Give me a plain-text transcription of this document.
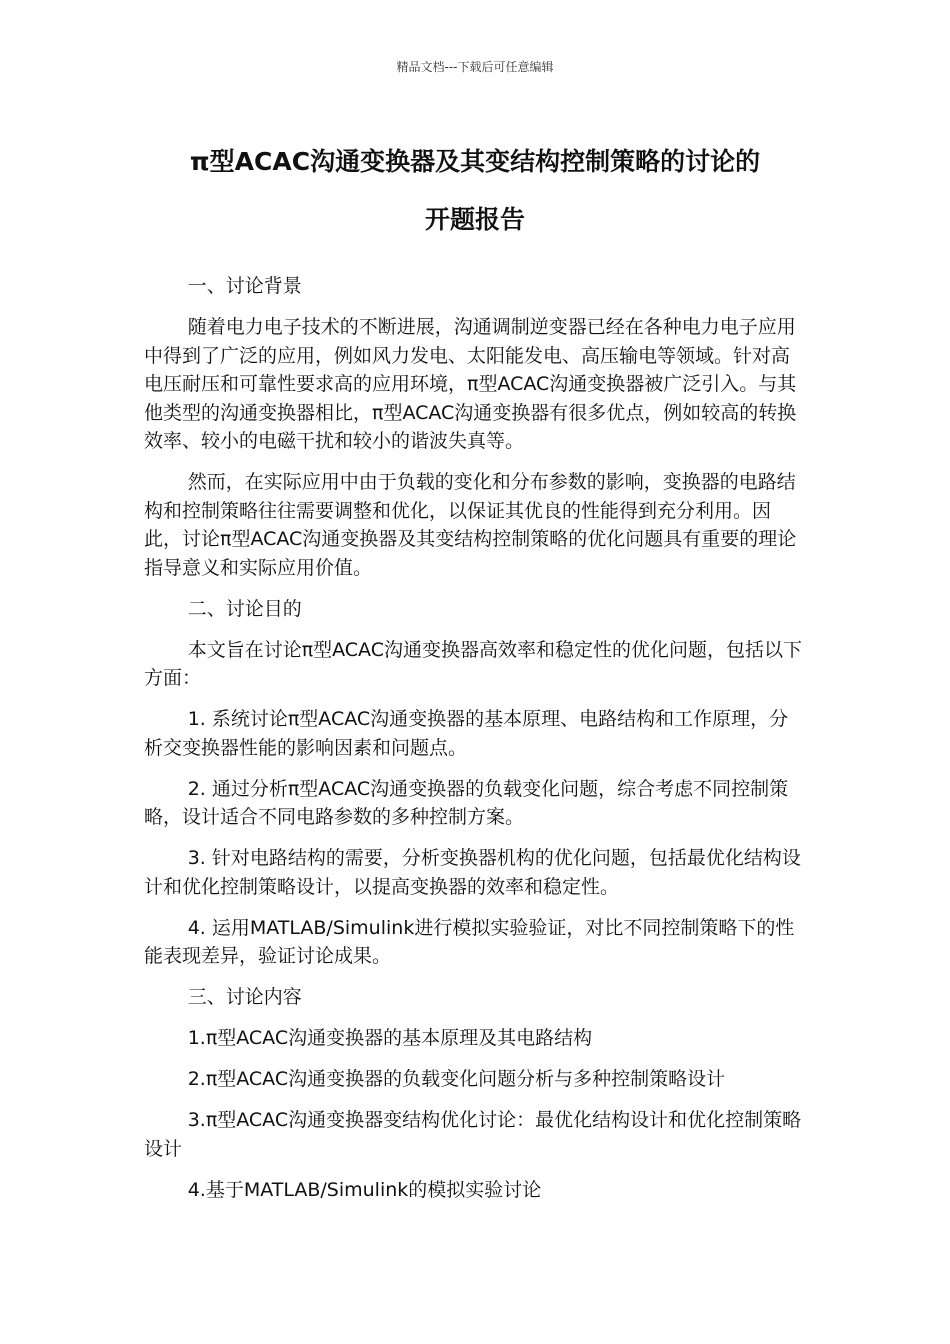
精品文档---下载后可任意编辑
π型ACAC沟通变换器及其变结构控制策略的讨论的
开题报告

一、讨论背景

随着电力电子技术的不断进展，沟通调制逆变器已经在各种电力电子应用中得到了广泛的应用，例如风力发电、太阳能发电、高压输电等领域。针对高电压耐压和可靠性要求高的应用环境，π型ACAC沟通变换器被广泛引入。与其他类型的沟通变换器相比，π型ACAC沟通变换器有很多优点，例如较高的转换效率、较小的电磁干扰和较小的谐波失真等。

然而，在实际应用中由于负载的变化和分布参数的影响，变换器的电路结构和控制策略往往需要调整和优化，以保证其优良的性能得到充分利用。因此，讨论π型ACAC沟通变换器及其变结构控制策略的优化问题具有重要的理论指导意义和实际应用价值。

二、讨论目的

本文旨在讨论π型ACAC沟通变换器高效率和稳定性的优化问题，包括以下方面：

1. 系统讨论π型ACAC沟通变换器的基本原理、电路结构和工作原理，分析交变换器性能的影响因素和问题点。

2. 通过分析π型ACAC沟通变换器的负载变化问题，综合考虑不同控制策略，设计适合不同电路参数的多种控制方案。

3. 针对电路结构的需要，分析变换器机构的优化问题，包括最优化结构设计和优化控制策略设计，以提高变换器的效率和稳定性。

4. 运用MATLAB/Simulink进行模拟实验验证，对比不同控制策略下的性能表现差异，验证讨论成果。

三、讨论内容

1.π型ACAC沟通变换器的基本原理及其电路结构

2.π型ACAC沟通变换器的负载变化问题分析与多种控制策略设计

3.π型ACAC沟通变换器变结构优化讨论：最优化结构设计和优化控制策略设计

4.基于MATLAB/Simulink的模拟实验讨论
